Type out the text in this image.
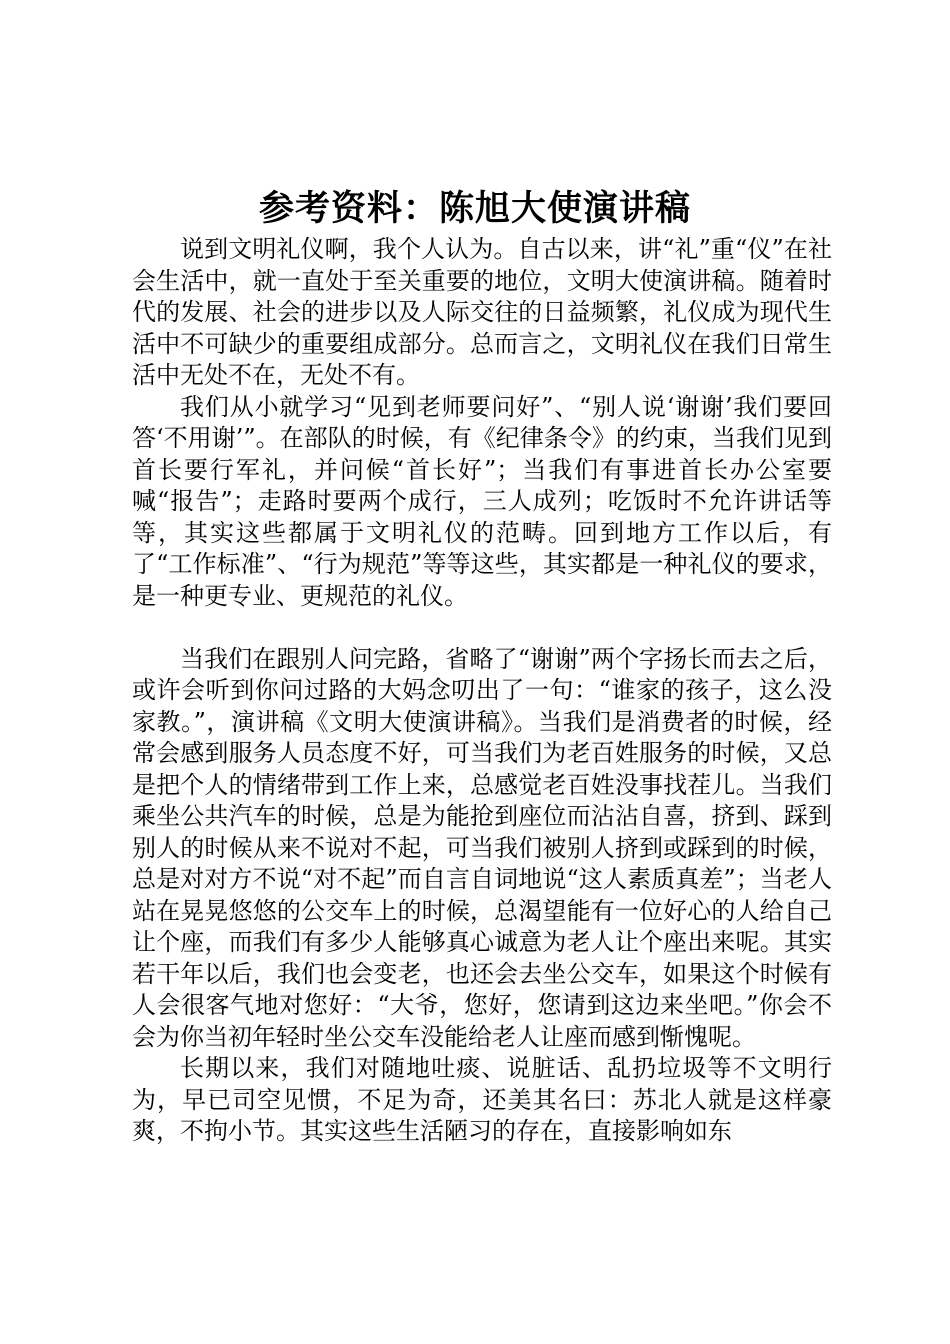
参考资料：陈旭大使演讲稿

说到文明礼仪啊，我个人认为。自古以来，讲“礼”重“仪”在社会生活中，就一直处于至关重要的地位，文明大使演讲稿。随着时代的发展、社会的进步以及人际交往的日益频繁，礼仪成为现代生活中不可缺少的重要组成部分。总而言之，文明礼仪在我们日常生活中无处不在，无处不有。

我们从小就学习“见到老师要问好”、“别人说‘谢谢’我们要回答‘不用谢’”。在部队的时候，有《纪律条令》的约束，当我们见到首长要行军礼，并问候“首长好”；当我们有事进首长办公室要喊“报告”；走路时要两个成行，三人成列；吃饭时不允许讲话等等，其实这些都属于文明礼仪的范畴。回到地方工作以后，有了“工作标准”、“行为规范”等等这些，其实都是一种礼仪的要求，是一种更专业、更规范的礼仪。

当我们在跟别人问完路，省略了“谢谢”两个字扬长而去之后，或许会听到你问过路的大妈念叨出了一句：“谁家的孩子，这么没家教。”，演讲稿《文明大使演讲稿》。当我们是消费者的时候，经常会感到服务人员态度不好，可当我们为老百姓服务的时候，又总是把个人的情绪带到工作上来，总感觉老百姓没事找茬儿。当我们乘坐公共汽车的时候，总是为能抢到座位而沾沾自喜，挤到、踩到别人的时候从来不说对不起，可当我们被别人挤到或踩到的时候，总是对对方不说“对不起”而自言自词地说“这人素质真差”；当老人站在晃晃悠悠的公交车上的时候，总渴望能有一位好心的人给自己让个座，而我们有多少人能够真心诚意为老人让个座出来呢。其实若干年以后，我们也会变老，也还会去坐公交车，如果这个时候有人会很客气地对您好：“大爷，您好，您请到这边来坐吧。”你会不会为你当初年轻时坐公交车没能给老人让座而感到惭愧呢。

长期以来，我们对随地吐痰、说脏话、乱扔垃圾等不文明行为，早已司空见惯，不足为奇，还美其名曰：苏北人就是这样豪爽，不拘小节。其实这些生活陋习的存在，直接影响如东
